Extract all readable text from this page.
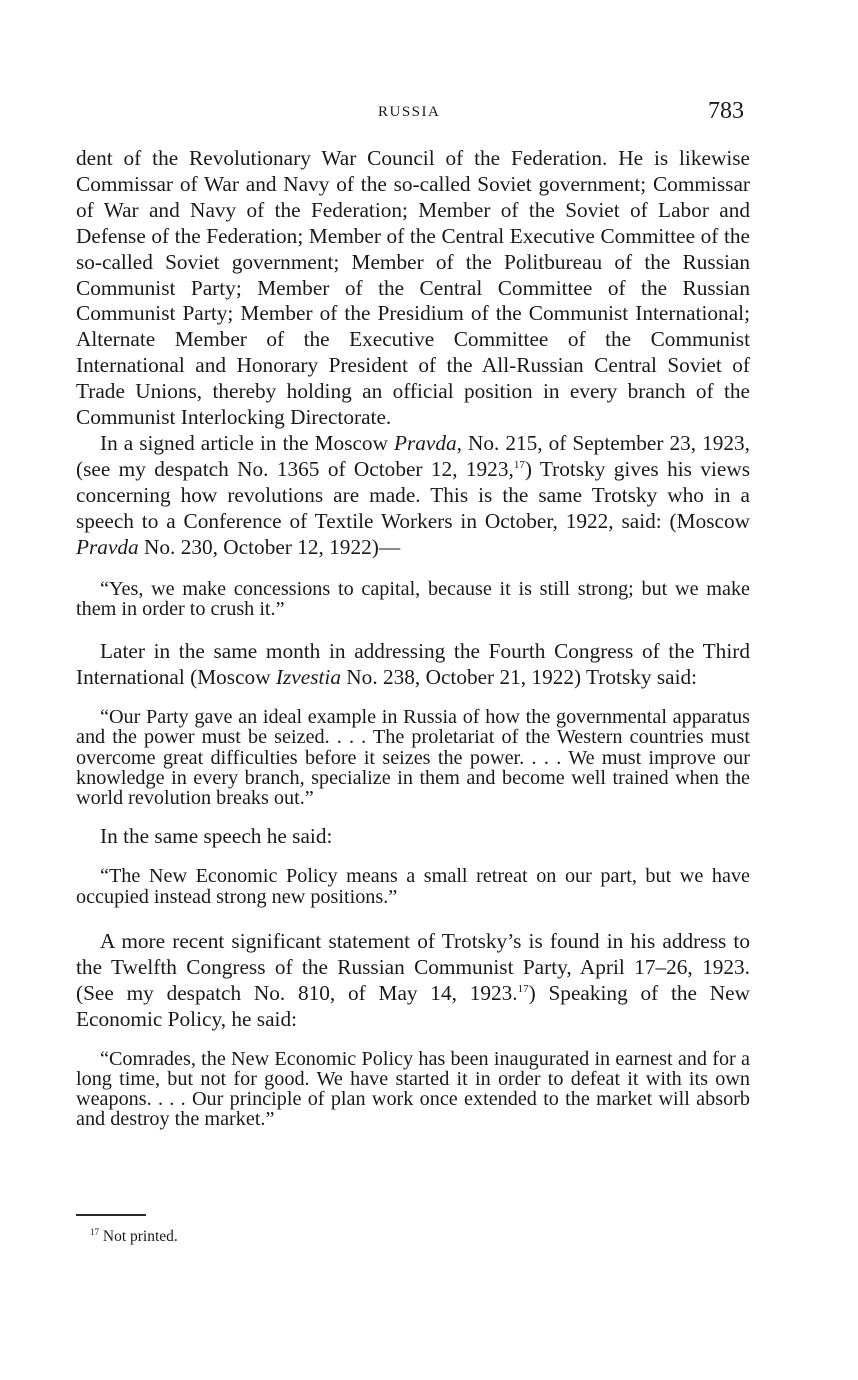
RUSSIA	783

dent of the Revolutionary War Council of the Federation. He is likewise Commissar of War and Navy of the so-called Soviet government; Commissar of War and Navy of the Federation; Member of the Soviet of Labor and Defense of the Federation; Member of the Central Executive Committee of the so-called Soviet government; Member of the Politbureau of the Russian Communist Party; Member of the Central Committee of the Russian Communist Party; Member of the Presidium of the Communist International; Alternate Member of the Executive Committee of the Communist International and Honorary President of the All-Russian Central Soviet of Trade Unions, thereby holding an official position in every branch of the Communist Interlocking Directorate.

In a signed article in the Moscow Pravda, No. 215, of September 23, 1923, (see my despatch No. 1365 of October 12, 1923,17) Trotsky gives his views concerning how revolutions are made. This is the same Trotsky who in a speech to a Conference of Textile Workers in October, 1922, said: (Moscow Pravda No. 230, October 12, 1922)—

“Yes, we make concessions to capital, because it is still strong; but we make them in order to crush it.”

Later in the same month in addressing the Fourth Congress of the Third International (Moscow Izvestia No. 238, October 21, 1922) Trotsky said:

“Our Party gave an ideal example in Russia of how the governmental apparatus and the power must be seized. . . . The proletariat of the Western countries must overcome great difficulties before it seizes the power. . . . We must improve our knowledge in every branch, specialize in them and become well trained when the world revolution breaks out.”

In the same speech he said:

“The New Economic Policy means a small retreat on our part, but we have occupied instead strong new positions.”

A more recent significant statement of Trotsky’s is found in his address to the Twelfth Congress of the Russian Communist Party, April 17–26, 1923. (See my despatch No. 810, of May 14, 1923.17) Speaking of the New Economic Policy, he said:

“Comrades, the New Economic Policy has been inaugurated in earnest and for a long time, but not for good. We have started it in order to defeat it with its own weapons. . . . Our principle of plan work once extended to the market will absorb and destroy the market.”

$^{17}$ Not printed.
